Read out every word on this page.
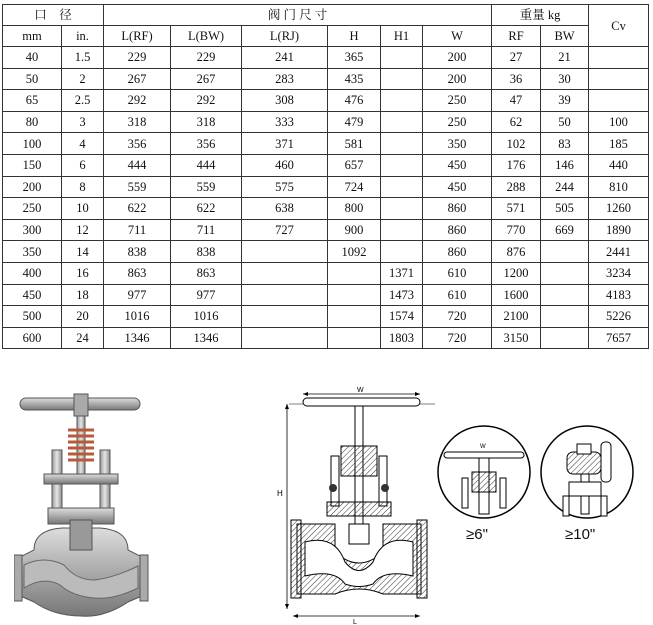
口　径		阀 门 尺 寸						重量 kg		Cv
mm	in.	L(RF)	L(BW)	L(RJ)	H	H1	W	RF	BW	
40	1.5	229	229	241	365		200	27	21	
50	2	267	267	283	435		200	36	30	
65	2.5	292	292	308	476		250	47	39	
80	3	318	318	333	479		250	62	50	100
100	4	356	356	371	581		350	102	83	185
150	6	444	444	460	657		450	176	146	440
200	8	559	559	575	724		450	288	244	810
250	10	622	622	638	800		860	571	505	1260
300	12	711	711	727	900		860	770	669	1890
350	14	838	838		1092		860	876		2441
400	16	863	863			1371	610	1200		3234
450	18	977	977			1473	610	1600		4183
500	20	1016	1016			1574	720	2100		5226
600	24	1346	1346			1803	720	3150		7657
W
H
L
W
≥6"	≥10"
